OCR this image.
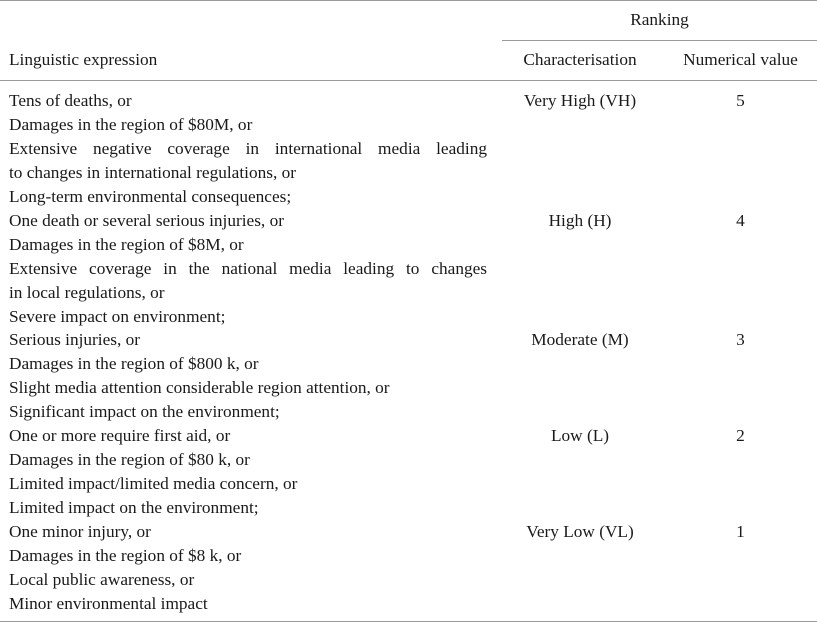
Ranking
Linguistic expression	Characterisation	Numerical value
Tens of deaths, or
Damages in the region of $80M, or
Extensive negative coverage in international media leading
to changes in international regulations, or
Long-term environmental consequences;
Very High (VH)	5
One death or several serious injuries, or
Damages in the region of $8M, or
Extensive coverage in the national media leading to changes
in local regulations, or
Severe impact on environment;
High (H)	4
Serious injuries, or
Damages in the region of $800 k, or
Slight media attention considerable region attention, or
Significant impact on the environment;
Moderate (M)	3
One or more require first aid, or
Damages in the region of $80 k, or
Limited impact/limited media concern, or
Limited impact on the environment;
Low (L)	2
One minor injury, or
Damages in the region of $8 k, or
Local public awareness, or
Minor environmental impact
Very Low (VL)	1
